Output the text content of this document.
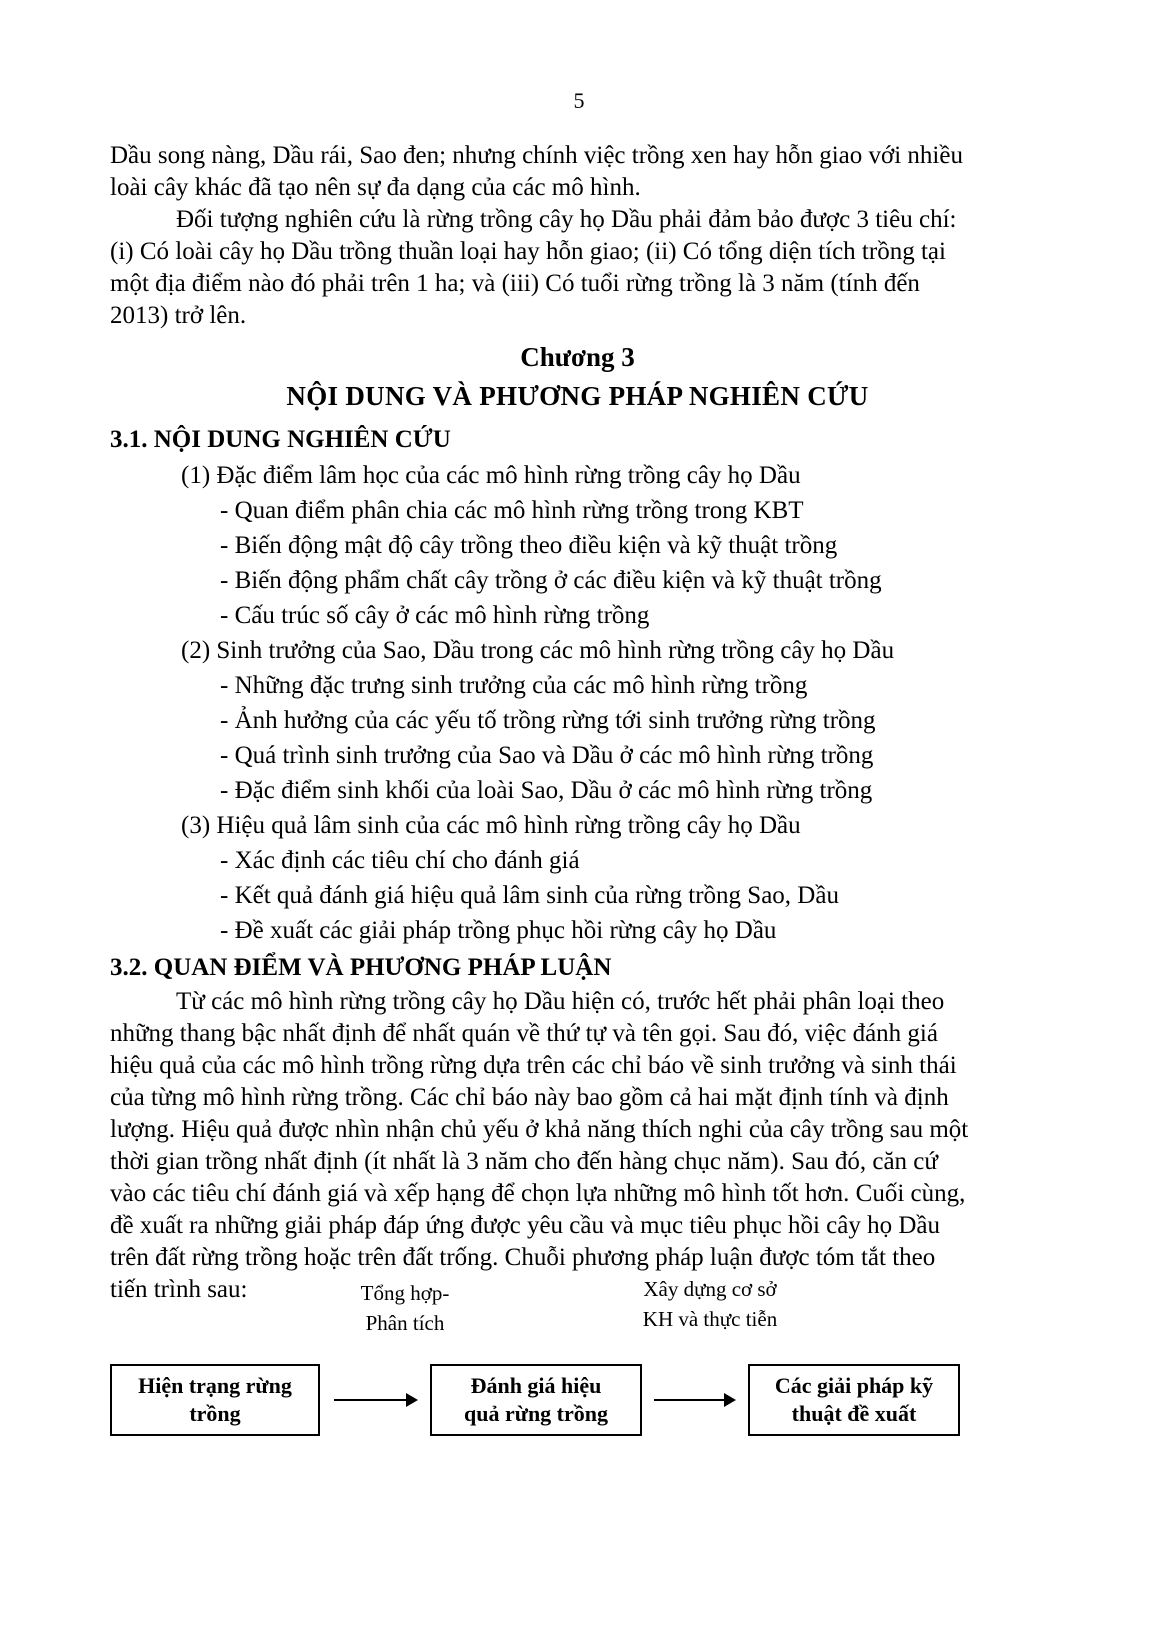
5

Dầu song nàng, Dầu rái, Sao đen; nhưng chính việc trồng xen hay hỗn giao với nhiều
loài cây khác đã tạo nên sự đa dạng của các mô hình.

Đối tượng nghiên cứu là rừng trồng cây họ Dầu phải đảm bảo được 3 tiêu chí:
(i) Có loài cây họ Dầu trồng thuần loại hay hỗn giao; (ii) Có tổng diện tích trồng tại
một địa điểm nào đó phải trên 1 ha; và (iii) Có tuổi rừng trồng là 3 năm (tính đến
2013) trở lên.

Chương 3
NỘI DUNG VÀ PHƯƠNG PHÁP NGHIÊN CỨU
3.1. NỘI DUNG NGHIÊN CỨU
(1) Đặc điểm lâm học của các mô hình rừng trồng cây họ Dầu
- Quan điểm phân chia các mô hình rừng trồng trong KBT
- Biến động mật độ cây trồng theo điều kiện và kỹ thuật trồng
- Biến động phẩm chất cây trồng ở các điều kiện và kỹ thuật trồng
- Cấu trúc số cây ở các mô hình rừng trồng
(2) Sinh trưởng của Sao, Dầu trong các mô hình rừng trồng cây họ Dầu
- Những đặc trưng sinh trưởng của các mô hình rừng trồng
- Ảnh hưởng của các yếu tố trồng rừng tới sinh trưởng rừng trồng
- Quá trình sinh trưởng của Sao và Dầu ở các mô hình rừng trồng
- Đặc điểm sinh khối của loài Sao, Dầu ở các mô hình rừng trồng
(3) Hiệu quả lâm sinh của các mô hình rừng trồng cây họ Dầu
- Xác định các tiêu chí cho đánh giá
- Kết quả đánh giá hiệu quả lâm sinh của rừng trồng Sao, Dầu
- Đề xuất các giải pháp trồng phục hồi rừng cây họ Dầu
3.2. QUAN ĐIỂM VÀ PHƯƠNG PHÁP LUẬN

Từ các mô hình rừng trồng cây họ Dầu hiện có, trước hết phải phân loại theo
những thang bậc nhất định để nhất quán về thứ tự và tên gọi. Sau đó, việc đánh giá
hiệu quả của các mô hình trồng rừng dựa trên các chỉ báo về sinh trưởng và sinh thái
của từng mô hình rừng trồng. Các chỉ báo này bao gồm cả hai mặt định tính và định
lượng. Hiệu quả được nhìn nhận chủ yếu ở khả năng thích nghi của cây trồng sau một
thời gian trồng nhất định (ít nhất là 3 năm cho đến hàng chục năm). Sau đó, căn cứ
vào các tiêu chí đánh giá và xếp hạng để chọn lựa những mô hình tốt hơn. Cuối cùng,
đề xuất ra những giải pháp đáp ứng được yêu cầu và mục tiêu phục hồi cây họ Dầu
trên đất rừng trồng hoặc trên đất trống. Chuỗi phương pháp luận được tóm tắt theo
tiến trình sau:	Tổng hợp-
Phân tích
Xây dựng cơ sở
KH và thực tiễn
Hiện trạng rừng
trồng
Đánh giá hiệu
quả rừng trồng
Các giải pháp kỹ
thuật đề xuất
